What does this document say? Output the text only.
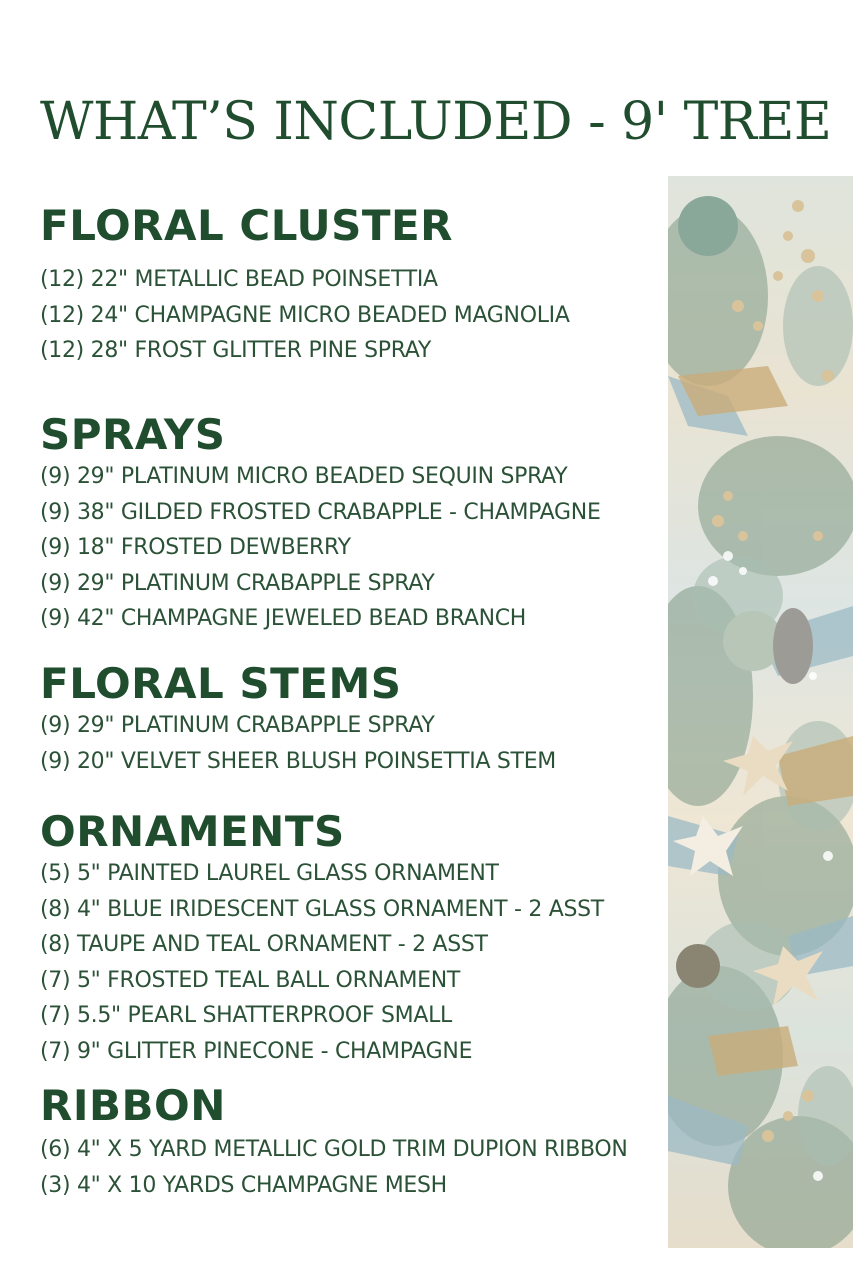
WHAT’S INCLUDED - 9' TREE
FLORAL CLUSTER
(12) 22" METALLIC BEAD POINSETTIA
(12) 24" CHAMPAGNE MICRO BEADED MAGNOLIA
(12) 28" FROST GLITTER PINE SPRAY
SPRAYS
(9) 29" PLATINUM MICRO BEADED SEQUIN SPRAY
(9) 38" GILDED FROSTED CRABAPPLE - CHAMPAGNE
(9) 18" FROSTED DEWBERRY
(9) 29" PLATINUM CRABAPPLE SPRAY
(9) 42" CHAMPAGNE JEWELED BEAD BRANCH
FLORAL STEMS
(9) 29" PLATINUM CRABAPPLE SPRAY
(9) 20" VELVET SHEER BLUSH POINSETTIA STEM
ORNAMENTS
(5) 5" PAINTED LAUREL GLASS ORNAMENT
(8) 4" BLUE IRIDESCENT GLASS ORNAMENT - 2 ASST
(8) TAUPE AND TEAL ORNAMENT - 2 ASST
(7) 5" FROSTED TEAL BALL ORNAMENT
(7) 5.5" PEARL SHATTERPROOF SMALL
(7) 9" GLITTER PINECONE - CHAMPAGNE
RIBBON
(6) 4" X 5 YARD METALLIC GOLD TRIM DUPION RIBBON
(3) 4" X 10 YARDS CHAMPAGNE MESH
